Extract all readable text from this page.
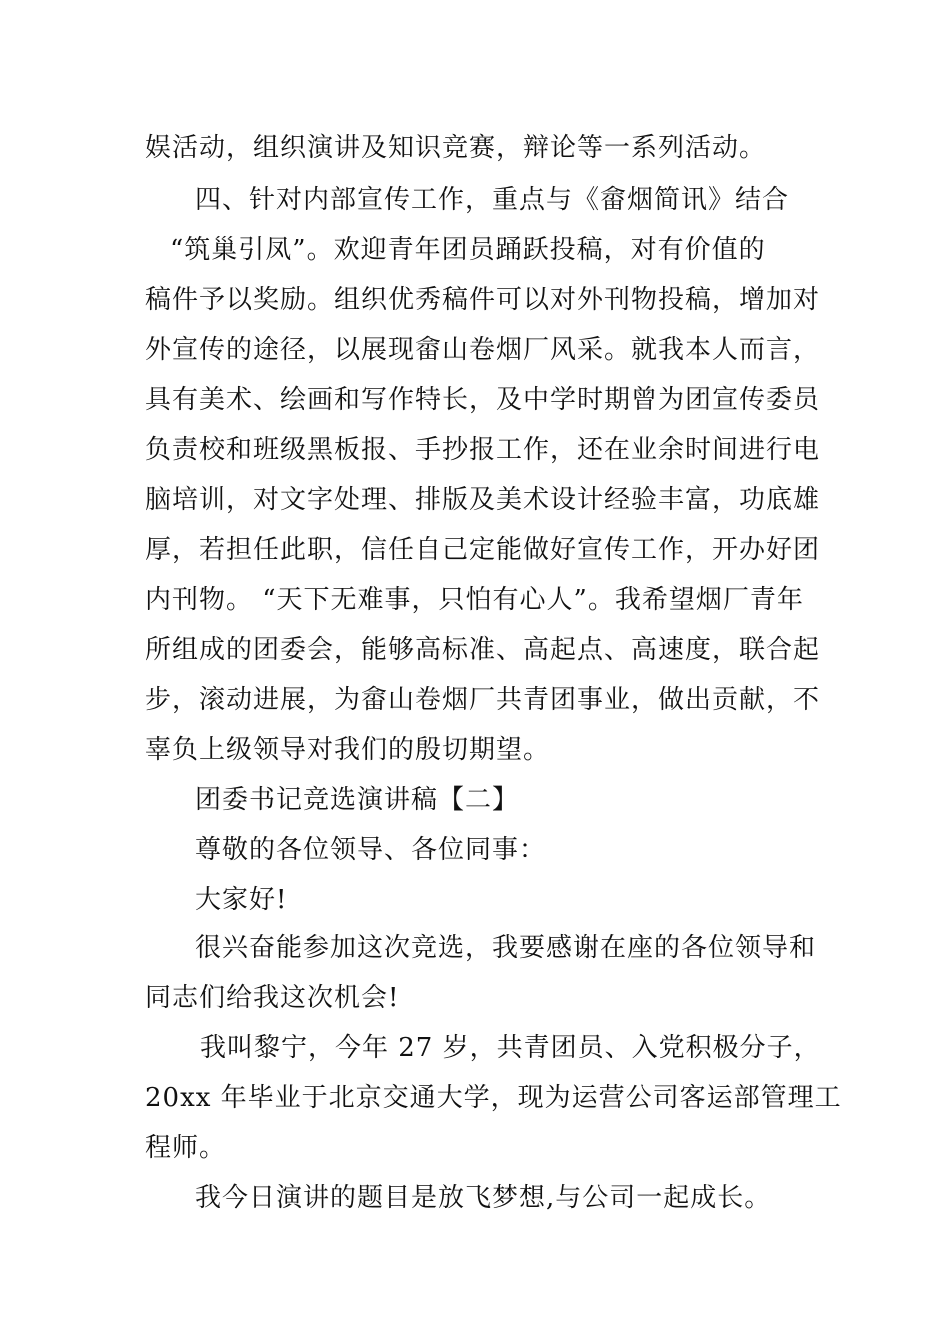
娱活动，组织演讲及知识竞赛，辩论等一系列活动。
四、针对内部宣传工作，重点与《畲烟简讯》结合
“筑巢引凤”。欢迎青年团员踊跃投稿，对有价值的
稿件予以奖励。组织优秀稿件可以对外刊物投稿，增加对
外宣传的途径，以展现畲山卷烟厂风采。就我本人而言，
具有美术、绘画和写作特长，及中学时期曾为团宣传委员
负责校和班级黑板报、手抄报工作，还在业余时间进行电
脑培训，对文字处理、排版及美术设计经验丰富，功底雄
厚，若担任此职，信任自己定能做好宣传工作，开办好团
内刊物。 “天下无难事，只怕有心人”。我希望烟厂青年
所组成的团委会，能够高标准、高起点、高速度，联合起
步，滚动进展，为畲山卷烟厂共青团事业，做出贡献，不
辜负上级领导对我们的殷切期望。
团委书记竞选演讲稿【二】
尊敬的各位领导、各位同事：
大家好!
很兴奋能参加这次竞选，我要感谢在座的各位领导和
同志们给我这次机会!
我叫黎宁，今年 27 岁，共青团员、入党积极分子，
20xx 年毕业于北京交通大学，现为运营公司客运部管理工
程师。
我今日演讲的题目是放飞梦想,与公司一起成长。
